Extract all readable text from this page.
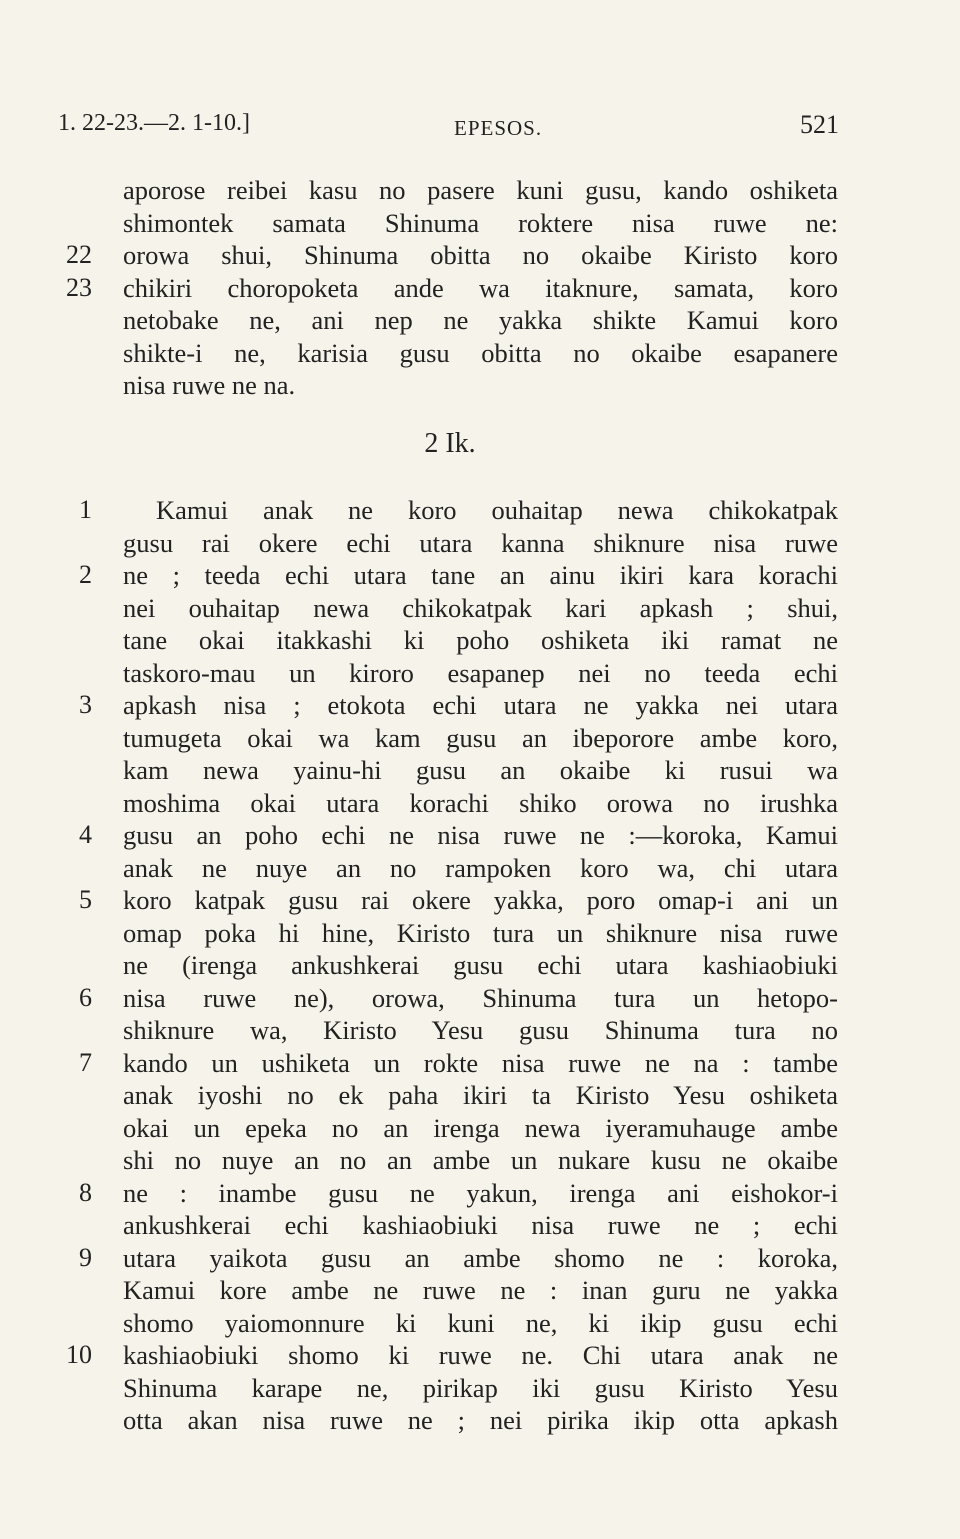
1. 22-23.—2. 1-10.]	EPESOS.	521
aporose reibei kasu no pasere kuni gusu, kando oshiketa
shimontek samata Shinuma roktere nisa ruwe ne:
22 orowa shui, Shinuma obitta no okaibe Kiristo koro
23 chikiri choropoketa ande wa itaknure, samata, koro
netobake ne, ani nep ne yakka shikte Kamui koro
shikte-i ne, karisia gusu obitta no okaibe esapanere
nisa ruwe ne na.
2 Ik.
1 Kamui anak ne koro ouhaitap newa chikokatpak
gusu rai okere echi utara kanna shiknure nisa ruwe
2 ne ; teeda echi utara tane an ainu ikiri kara korachi
nei ouhaitap newa chikokatpak kari apkash ; shui,
tane okai itakkashi ki poho oshiketa iki ramat ne
taskoro-mau un kiroro esapanep nei no teeda echi
3 apkash nisa ; etokota echi utara ne yakka nei utara
tumugeta okai wa kam gusu an ibeporore ambe koro,
kam newa yainu-hi gusu an okaibe ki rusui wa
moshima okai utara korachi shiko orowa no irushka
4 gusu an poho echi ne nisa ruwe ne :—koroka, Kamui
anak ne nuye an no rampoken koro wa, chi utara
5 koro katpak gusu rai okere yakka, poro omap-i ani un
omap poka hi hine, Kiristo tura un shiknure nisa ruwe
ne (irenga ankushkerai gusu echi utara kashiaobiuki
6 nisa ruwe ne), orowa, Shinuma tura un hetopo-
shiknure wa, Kiristo Yesu gusu Shinuma tura no
7 kando un ushiketa un rokte nisa ruwe ne na : tambe
anak iyoshi no ek paha ikiri ta Kiristo Yesu oshiketa
okai un epeka no an irenga newa iyeramuhauge ambe
shi no nuye an no an ambe un nukare kusu ne okaibe
8 ne : inambe gusu ne yakun, irenga ani eishokor-i
ankushkerai echi kashiaobiuki nisa ruwe ne ; echi
9 utara yaikota gusu an ambe shomo ne : koroka,
Kamui kore ambe ne ruwe ne : inan guru ne yakka
shomo yaiomonnure ki kuni ne, ki ikip gusu echi
10 kashiaobiuki shomo ki ruwe ne. Chi utara anak ne
Shinuma karape ne, pirikap iki gusu Kiristo Yesu
otta akan nisa ruwe ne ; nei pirika ikip otta apkash
